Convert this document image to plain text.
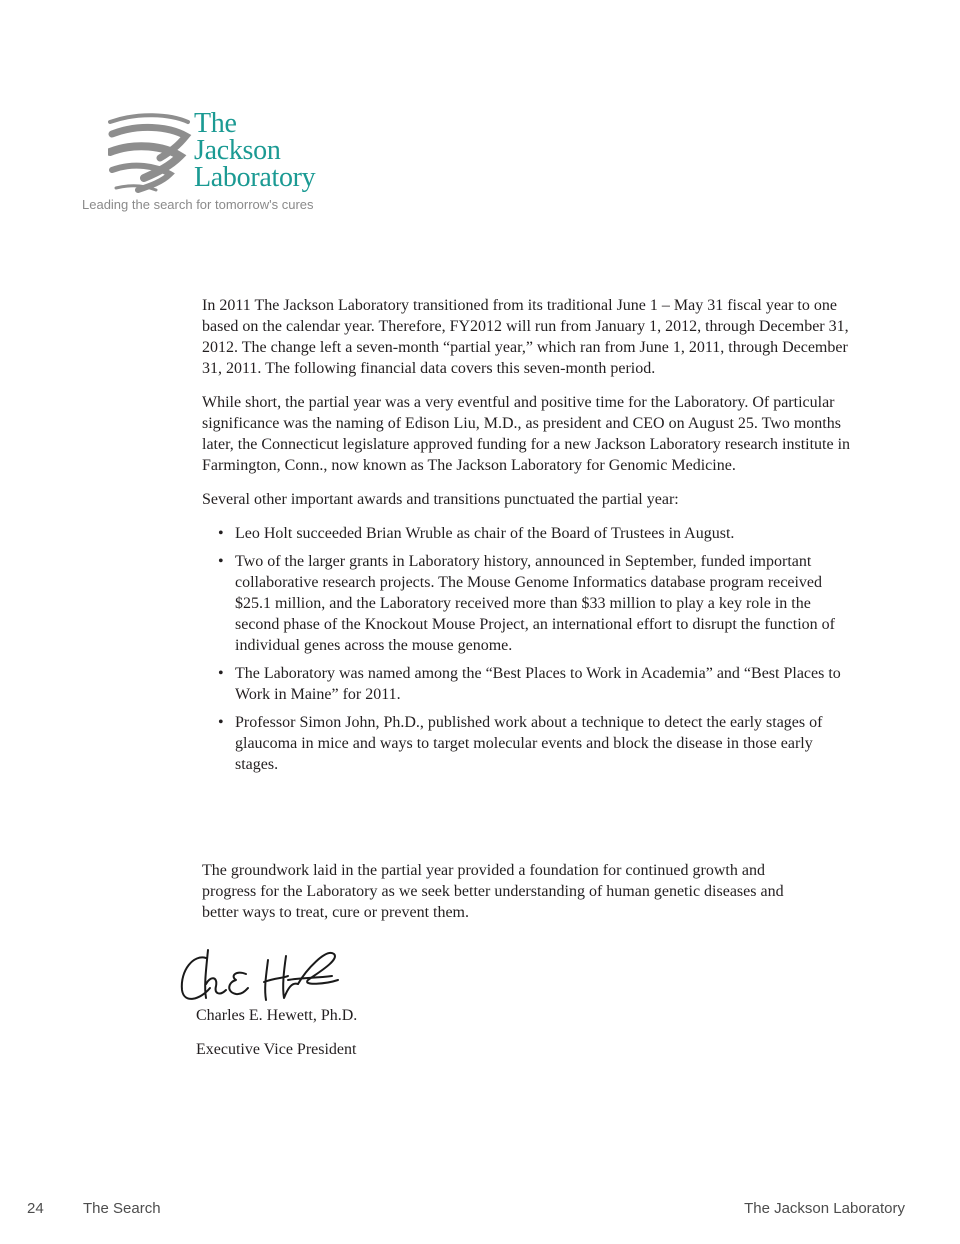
The
Jackson
Laboratory
Leading the search for tomorrow's cures

In 2011 The Jackson Laboratory transitioned from its traditional June 1 – May 31 fiscal year to one based on the calendar year. Therefore, FY2012 will run from January 1, 2012, through December 31, 2012. The change left a seven-month “partial year,” which ran from June 1, 2011, through December 31, 2011. The following financial data covers this seven-month period.

While short, the partial year was a very eventful and positive time for the Laboratory. Of particular significance was the naming of Edison Liu, M.D., as president and CEO on August 25. Two months later, the Connecticut legislature approved funding for a new Jackson Laboratory research institute in Farmington, Conn., now known as The Jackson Laboratory for Genomic Medicine.

Several other important awards and transitions punctuated the partial year:

• Leo Holt succeeded Brian Wruble as chair of the Board of Trustees in August.
• Two of the larger grants in Laboratory history, announced in September, funded important collaborative research projects. The Mouse Genome Informatics database program received $25.1 million, and the Laboratory received more than $33 million to play a key role in the second phase of the Knockout Mouse Project, an international effort to disrupt the function of individual genes across the mouse genome.
• The Laboratory was named among the “Best Places to Work in Academia” and “Best Places to Work in Maine” for 2011.
• Professor Simon John, Ph.D., published work about a technique to detect the early stages of glaucoma in mice and ways to target molecular events and block the disease in those early stages.

The groundwork laid in the partial year provided a foundation for continued growth and progress for the Laboratory as we seek better understanding of human genetic diseases and better ways to treat, cure or prevent them.

Charles E. Hewett, Ph.D.

Executive Vice President

24	The Search	The Jackson Laboratory
